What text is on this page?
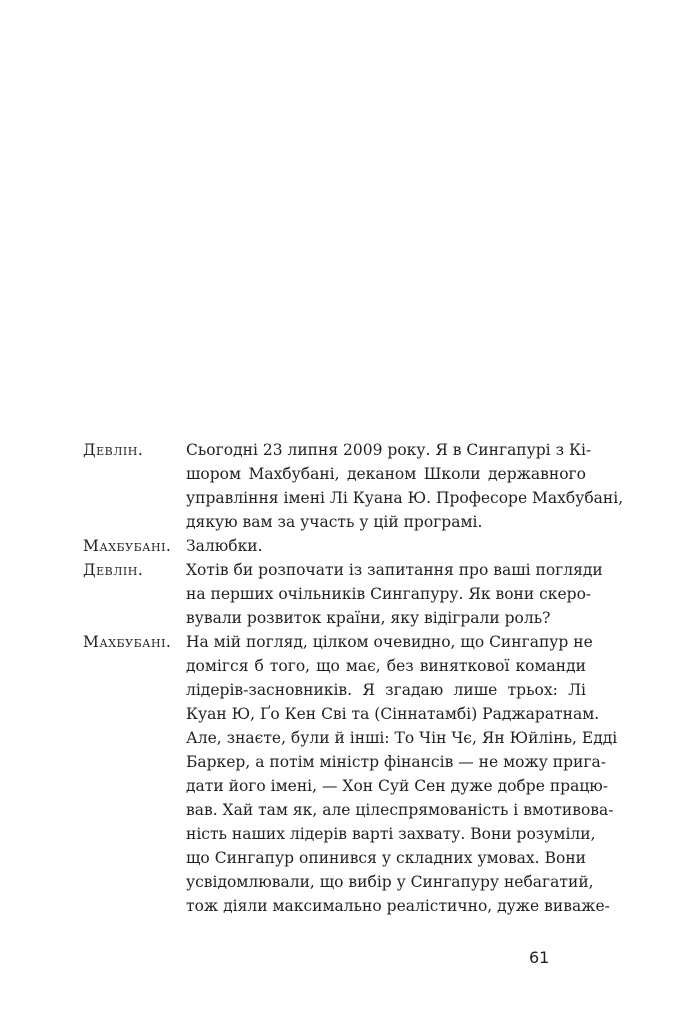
Девлін.	Сьогодні 23 липня 2009 року. Я в Сингапурі з Кі-
шором Махбубані, деканом Школи державного
управління імені Лі Куана Ю. Професоре Махбубані,
дякую вам за участь у цій програмі.
Махбубані. Залюбки.
Девлін.	Хотів би розпочати із запитання про ваші погляди
на перших очільників Сингапуру. Як вони скеро-
вували розвиток країни, яку відіграли роль?
Махбубані. На мій погляд, цілком очевидно, що Сингапур не
домігся б того, що має, без виняткової команди
лідерів-засновників. Я згадаю лише трьох: Лі
Куан Ю, Ґо Кен Сві та (Сіннатамбі) Раджаратнам.
Але, знаєте, були й інші: То Чін Чє, Ян Юйлінь, Едді
Баркер, а потім міністр фінансів — не можу прига-
дати його імені, — Хон Суй Сен дуже добре працю-
вав. Хай там як, але цілеспрямованість і вмотивова-
ність наших лідерів варті захвату. Вони розуміли,
що Сингапур опинився у складних умовах. Вони
усвідомлювали, що вибір у Сингапуру небагатий,
тож діяли максимально реалістично, дуже виваже-
61
